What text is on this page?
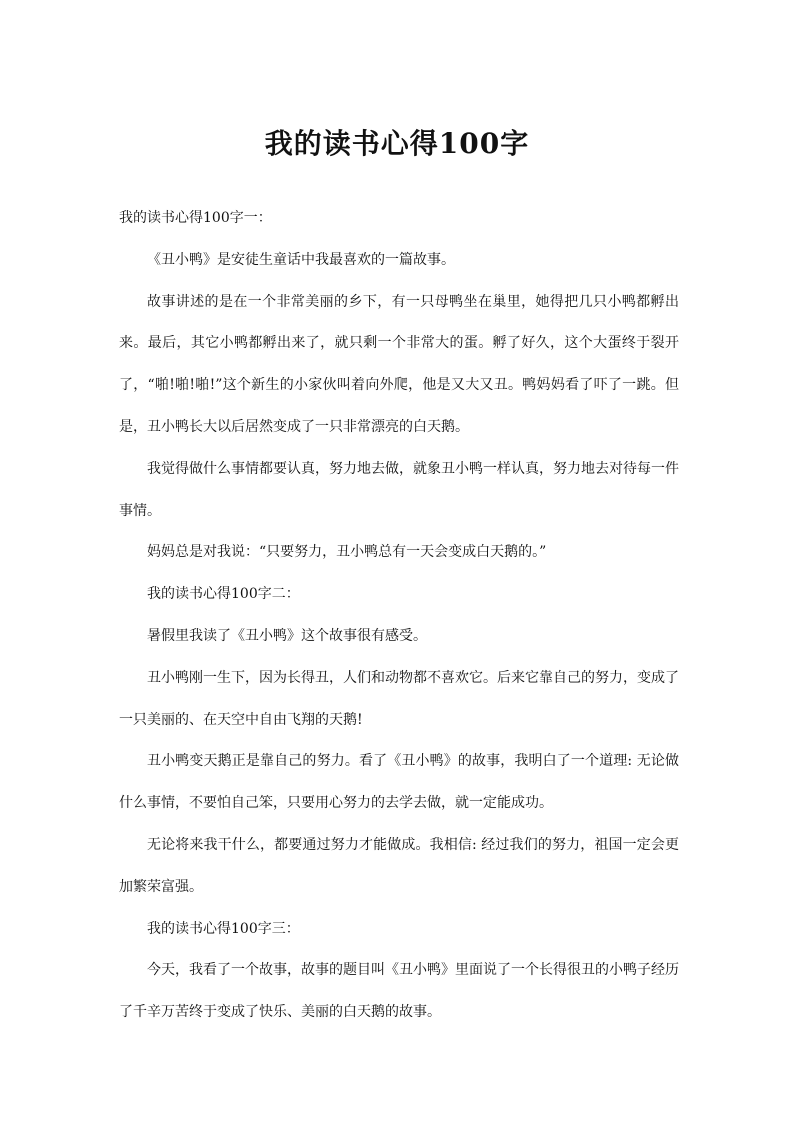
我的读书心得100字

我的读书心得100字一：

《丑小鸭》是安徒生童话中我最喜欢的一篇故事。

故事讲述的是在一个非常美丽的乡下，有一只母鸭坐在巢里，她得把几只小鸭都孵出来。最后，其它小鸭都孵出来了，就只剩一个非常大的蛋。孵了好久，这个大蛋终于裂开了，“啪!啪!啪!”这个新生的小家伙叫着向外爬，他是又大又丑。鸭妈妈看了吓了一跳。但是，丑小鸭长大以后居然变成了一只非常漂亮的白天鹅。

我觉得做什么事情都要认真，努力地去做，就象丑小鸭一样认真，努力地去对待每一件事情。

妈妈总是对我说：“只要努力，丑小鸭总有一天会变成白天鹅的。”

我的读书心得100字二：

暑假里我读了《丑小鸭》这个故事很有感受。

丑小鸭刚一生下，因为长得丑，人们和动物都不喜欢它。后来它靠自己的努力，变成了一只美丽的、在天空中自由飞翔的天鹅!

丑小鸭变天鹅正是靠自己的努力。看了《丑小鸭》的故事，我明白了一个道理: 无论做什么事情，不要怕自己笨，只要用心努力的去学去做，就一定能成功。

无论将来我干什么，都要通过努力才能做成。我相信: 经过我们的努力，祖国一定会更加繁荣富强。

我的读书心得100字三：

今天，我看了一个故事，故事的题目叫《丑小鸭》里面说了一个长得很丑的小鸭子经历了千辛万苦终于变成了快乐、美丽的白天鹅的故事。
